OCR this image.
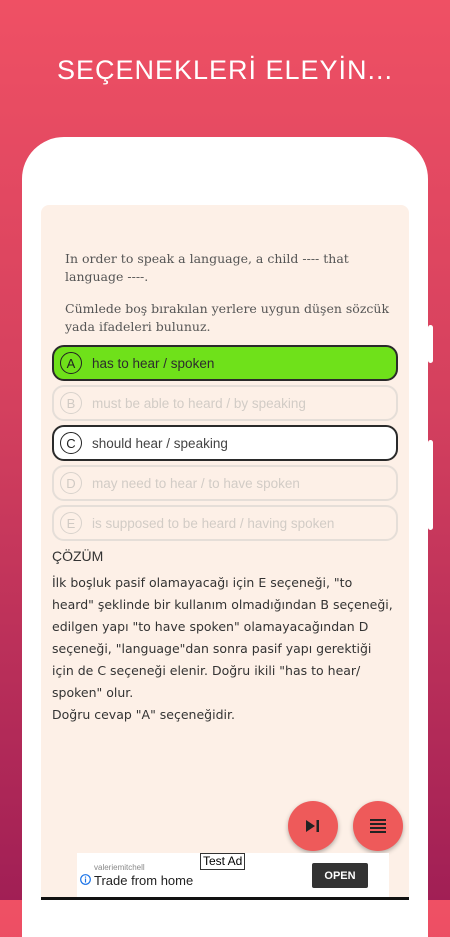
SEÇENEKLERİ ELEYİN...
In order to speak a language, a child ---- that language ----.
Cümlede boş bırakılan yerlere uygun düşen sözcük yada ifadeleri bulunuz.
A	has to hear / spoken
B	must be able to heard / by speaking
C	should hear / speaking
D	may need to hear / to have spoken
E	is supposed to be heard / having spoken
ÇÖZÜM
İlk boşluk pasif olamayacağı için E seçeneği, "to
heard" şeklinde bir kullanım olmadığından B seçeneği,
edilgen yapı "to have spoken" olamayacağından D
seçeneği, "language"dan sonra pasif yapı gerektiği
için de C seçeneği elenir. Doğru ikili "has to hear/
spoken" olur.
Doğru cevap "A" seçeneğidir.
Test Ad
valeriemitchell
Trade from home	OPEN
